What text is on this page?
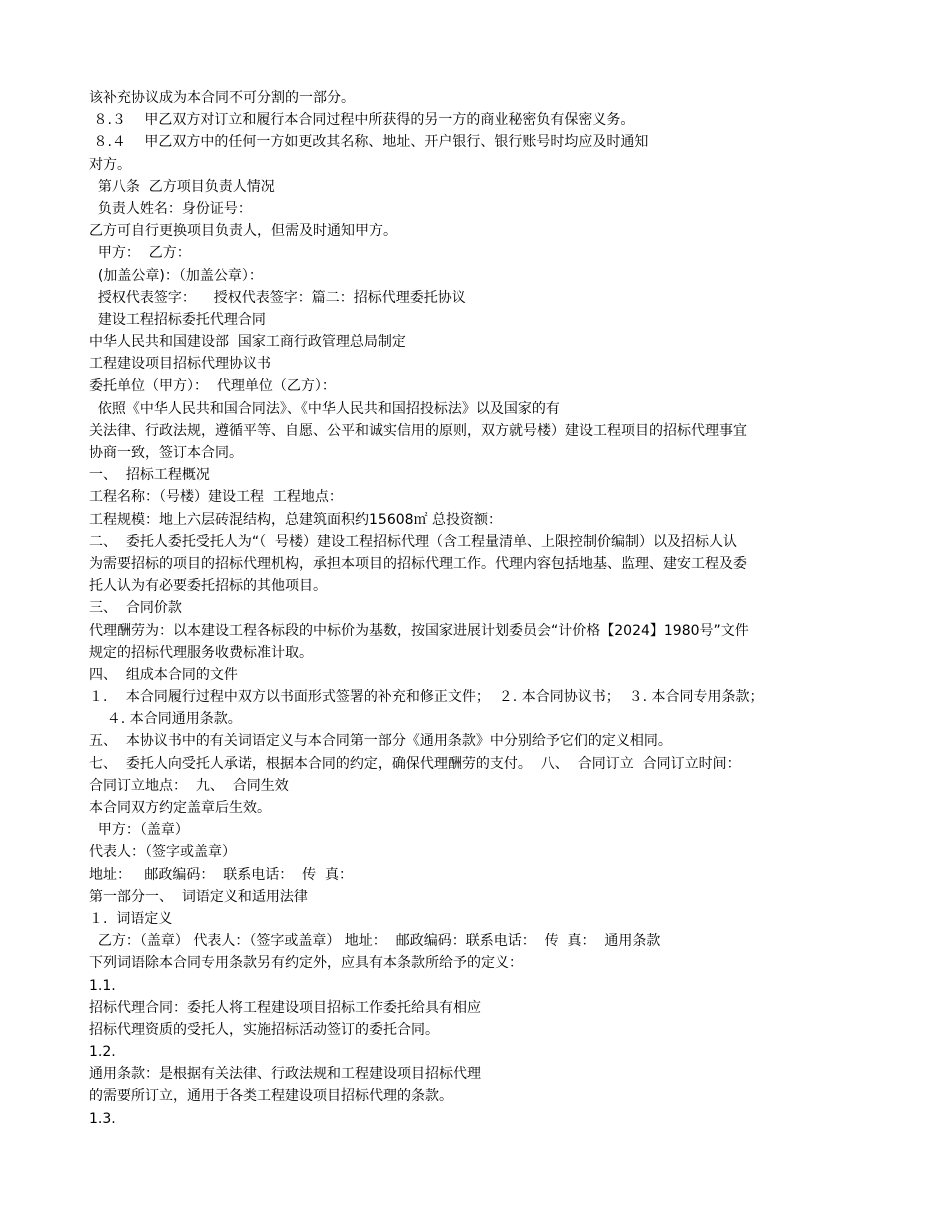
该补充协议成为本合同不可分割的一部分。
８.３　 甲乙双方对订立和履行本合同过程中所获得的另一方的商业秘密负有保密义务。
８.４　 甲乙双方中的任何一方如更改其名称、地址、开户银行、银行账号时均应及时通知
对方。
第八条  乙方项目负责人情况
负责人姓名：身份证号：
乙方可自行更换项目负责人，但需及时通知甲方。
甲方：  乙方：
(加盖公章)：（加盖公章）：
授权代表签字：    授权代表签字：篇二：招标代理委托协议
建设工程招标委托代理合同
中华人民共和国建设部  国家工商行政管理总局制定
工程建设项目招标代理协议书
委托单位（甲方）：  代理单位（乙方）：
依照《中华人民共和国合同法》、《中华人民共和国招投标法》以及国家的有
关法律、行政法规，遵循平等、自愿、公平和诚实信用的原则，双方就号楼）建设工程项目的招标代理事宜
协商一致，签订本合同。
一、  招标工程概况
工程名称：（号楼）建设工程  工程地点：
工程规模：地上六层砖混结构，总建筑面积约15608㎡ 总投资额：
二、  委托人委托受托人为“（  号楼）建设工程招标代理（含工程量清单、上限控制价编制）以及招标人认
为需要招标的项目的招标代理机构，承担本项目的招标代理工作。代理内容包括地基、监理、建安工程及委
托人认为有必要委托招标的其他项目。
三、  合同价款
代理酬劳为：以本建设工程各标段的中标价为基数，按国家进展计划委员会“计价格【2024】1980号”文件
规定的招标代理服务收费标准计取。
四、  组成本合同的文件
１.　 本合同履行过程中双方以书面形式签署的补充和修正文件；  ２. 本合同协议书；  ３. 本合同专用条款；
４. 本合同通用条款。
五、  本协议书中的有关词语定义与本合同第一部分《通用条款》中分别给予它们的定义相同。
七、  委托人向受托人承诺，根据本合同的约定，确保代理酬劳的支付。  八、  合同订立  合同订立时间：
合同订立地点：  九、  合同生效
本合同双方约定盖章后生效。
甲方：（盖章）
代表人：（签字或盖章）
地址：   邮政编码：  联系电话：  传  真：
第一部分一、  词语定义和适用法律
１.  词语定义
乙方：（盖章） 代表人：（签字或盖章） 地址：  邮政编码：联系电话：  传  真：  通用条款
下列词语除本合同专用条款另有约定外，应具有本条款所给予的定义：
1.1.
招标代理合同：委托人将工程建设项目招标工作委托给具有相应
招标代理资质的受托人，实施招标活动签订的委托合同。
1.2.
通用条款：是根据有关法律、行政法规和工程建设项目招标代理
的需要所订立，通用于各类工程建设项目招标代理的条款。
1.3.
